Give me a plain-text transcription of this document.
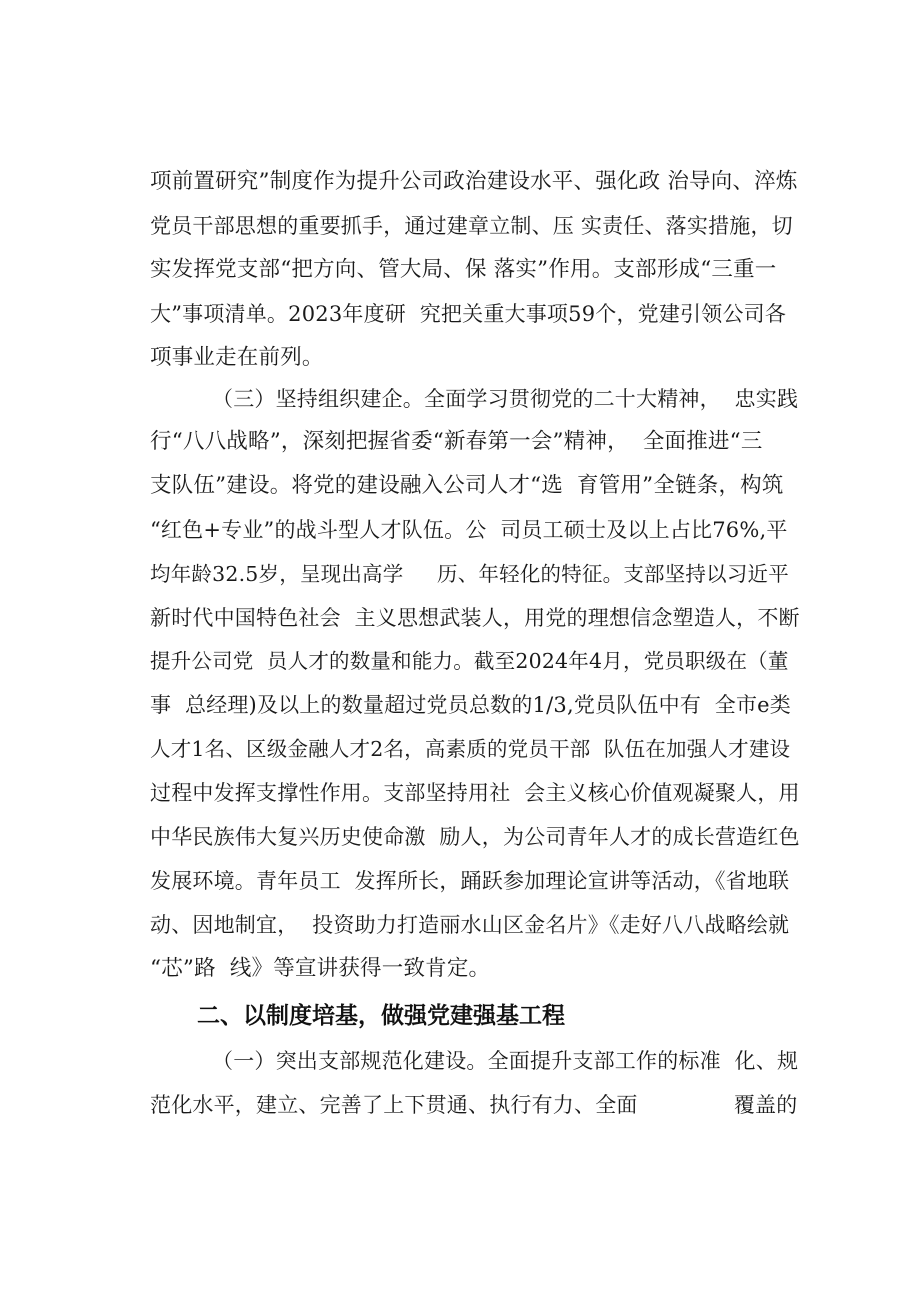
项前置研究”制度作为提升公司政治建设水平、强化政 治导向、淬炼
党员干部思想的重要抓手，通过建章立制、压 实责任、落实措施，切
实发挥党支部“把方向、管大局、保 落实”作用。支部形成“三重一
大”事项清单。2023年度研  究把关重大事项59个，党建引领公司各
项事业走在前列。
（三）坚持组织建企。全面学习贯彻党的二十大精神，  忠实践
行“八八战略”，深刻把握省委“新春第一会”精神，  全面推进“三
支队伍”建设。将党的建设融入公司人才“选  育管用”全链条，构筑
“红色+专业”的战斗型人才队伍。公  司员工硕士及以上占比76%,平
均年龄32.5岁，呈现出高学     历、年轻化的特征。支部坚持以习近平
新时代中国特色社会  主义思想武装人，用党的理想信念塑造人，不断
提升公司党  员人才的数量和能力。截至2024年4月，党员职级在（董
事  总经理)及以上的数量超过党员总数的1/3,党员队伍中有  全市e类
人才1名、区级金融人才2名，高素质的党员干部  队伍在加强人才建设
过程中发挥支撑性作用。支部坚持用社  会主义核心价值观凝聚人，用
中华民族伟大复兴历史使命激  励人，为公司青年人才的成长营造红色
发展环境。青年员工  发挥所长，踊跃参加理论宣讲等活动，《省地联
动、因地制宜，  投资助力打造丽水山区金名片》《走好八八战略绘就
“芯”路  线》等宣讲获得一致肯定。
二、以制度培基，做强党建强基工程
（一）突出支部规范化建设。全面提升支部工作的标准  化、规
范化水平，建立、完善了上下贯通、执行有力、全面              覆盖的
